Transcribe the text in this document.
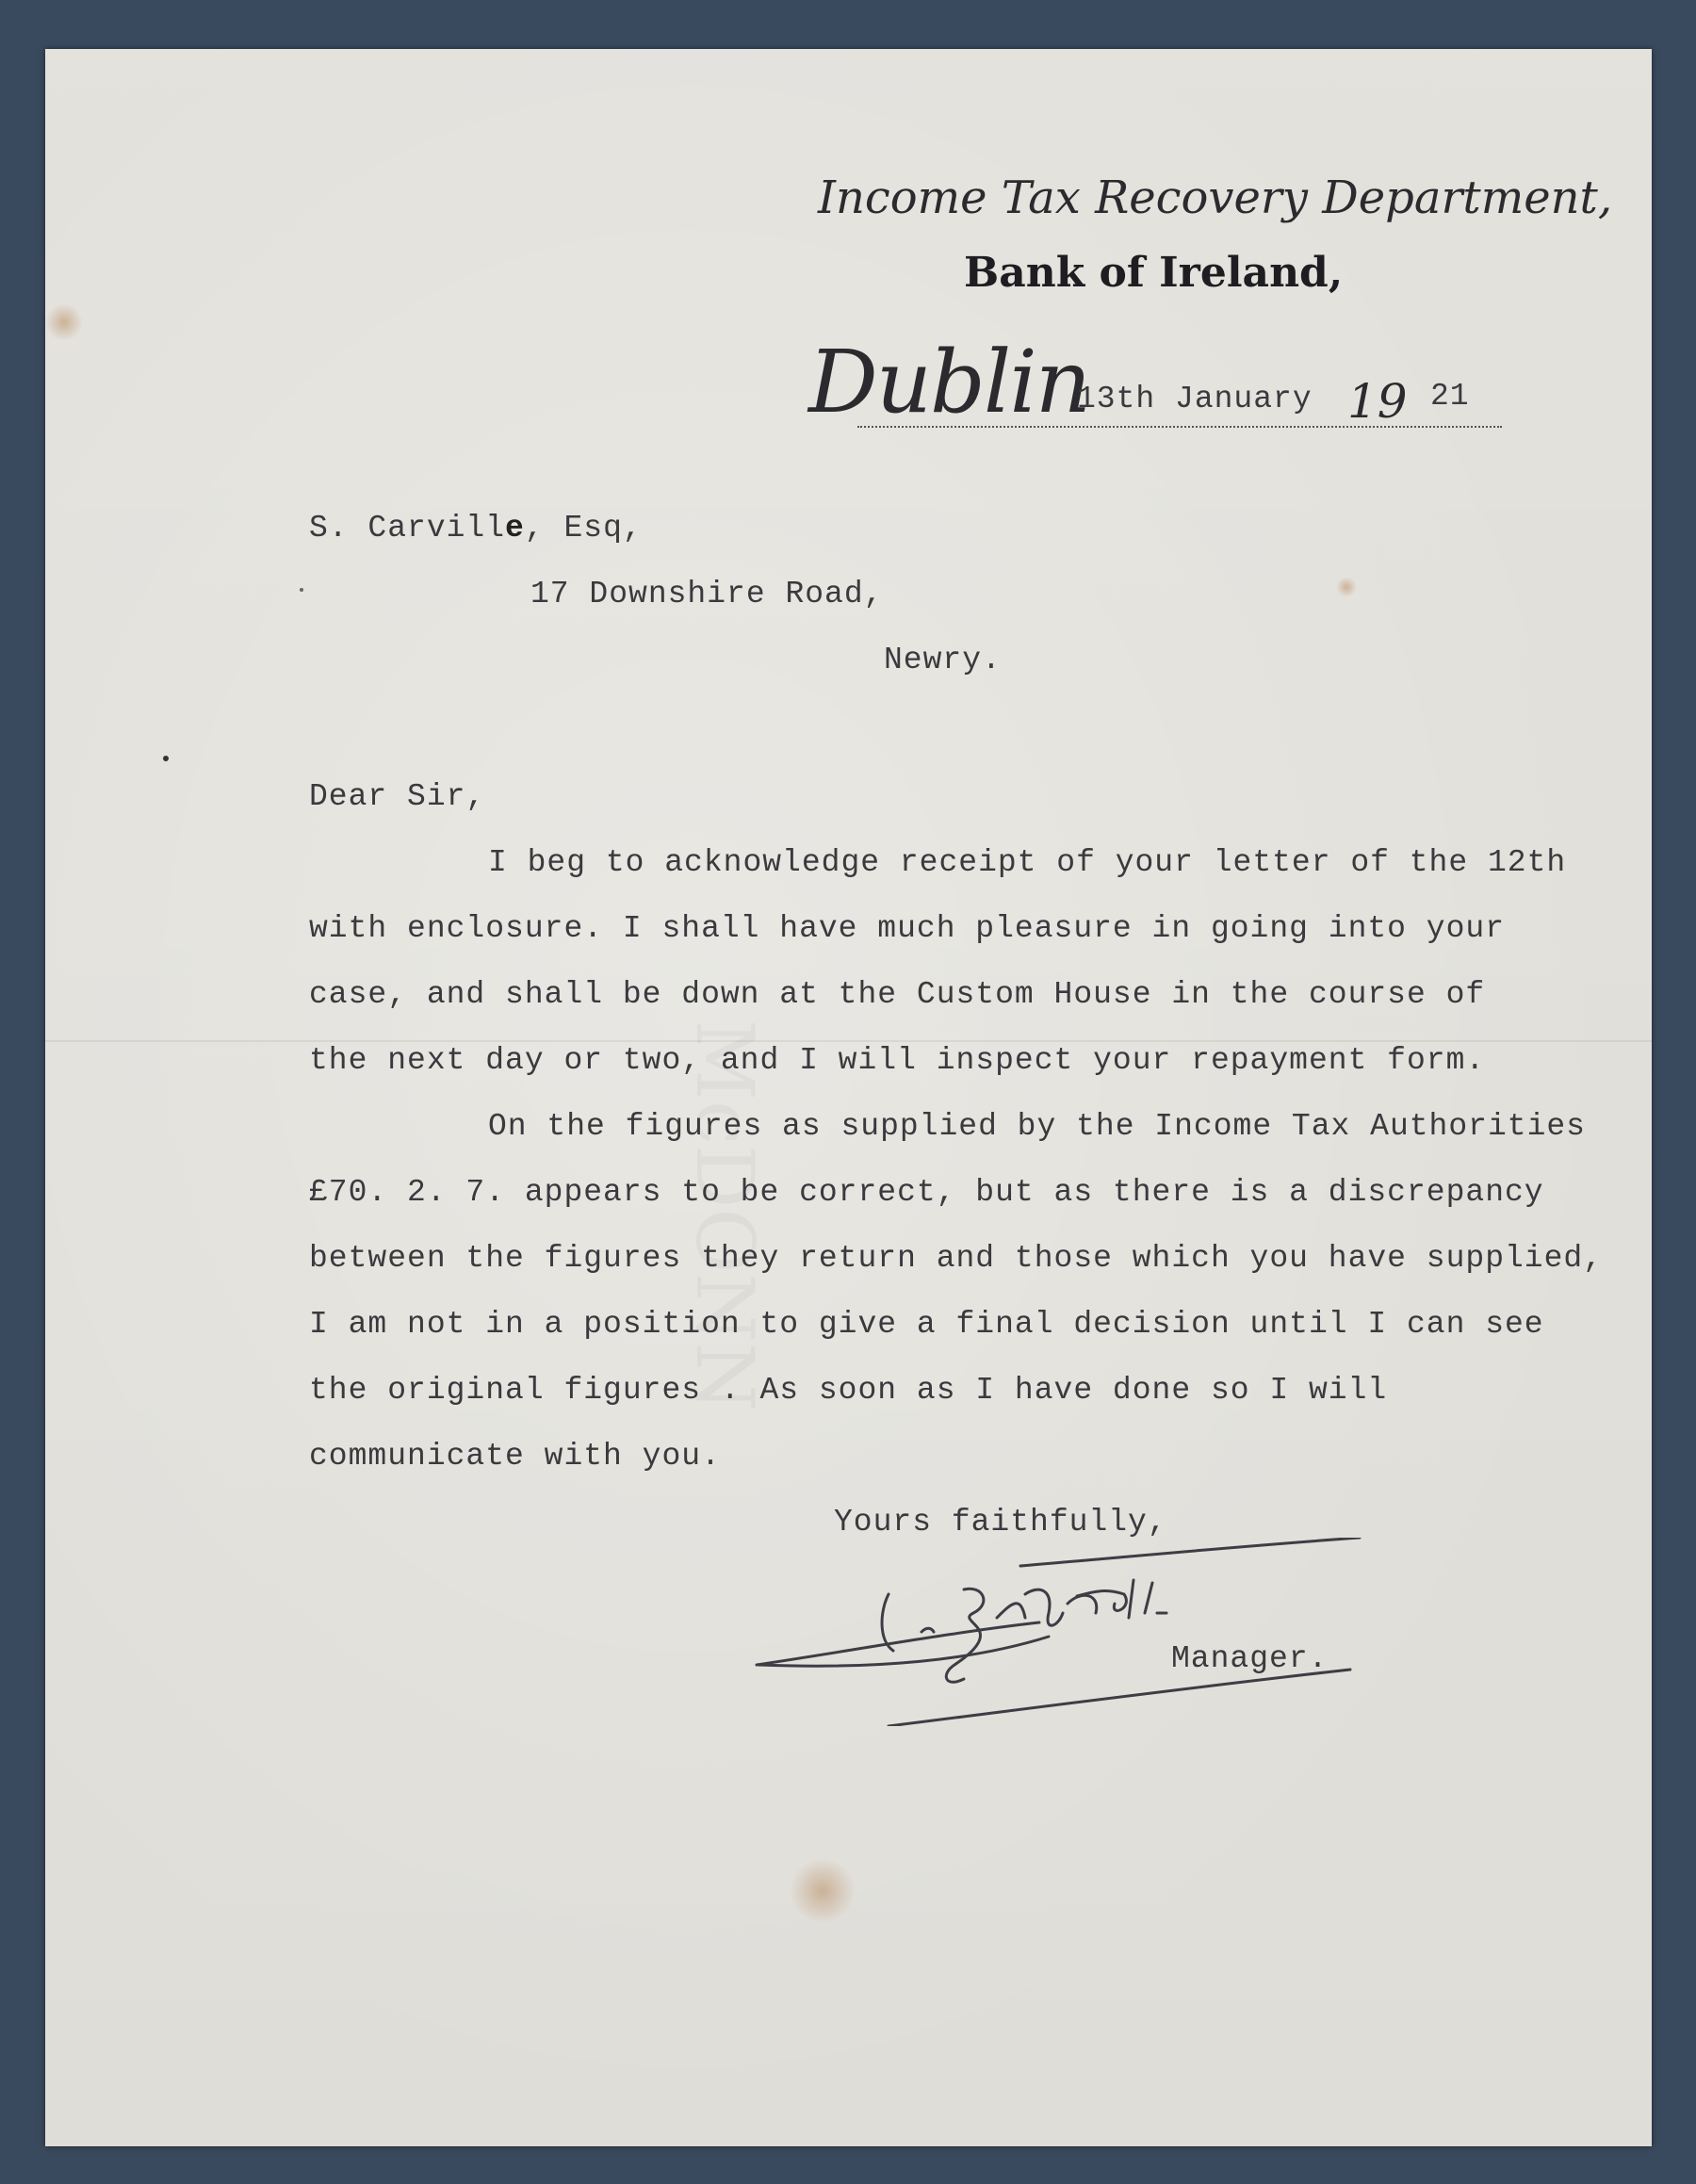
McDONN
Income Tax Recovery Department,
Bank of Ireland,
Dublin
13th January 19 21
S. Carville, Esq,
17 Downshire Road,
Newry.
Dear Sir,
I beg to acknowledge receipt of your letter of the 12th
with enclosure. I shall have much pleasure in going into your
case, and shall be down at the Custom House in the course of
the next day or two, and I will inspect your repayment form.
On the figures as supplied by the Income Tax Authorities
£70. 2. 7. appears to be correct, but as there is a discrepancy
between the figures they return and those which you have supplied,
I am not in a position to give a final decision until I can see
the original figures . As soon as I have done so I will
communicate with you.
Yours faithfully,
Manager.
